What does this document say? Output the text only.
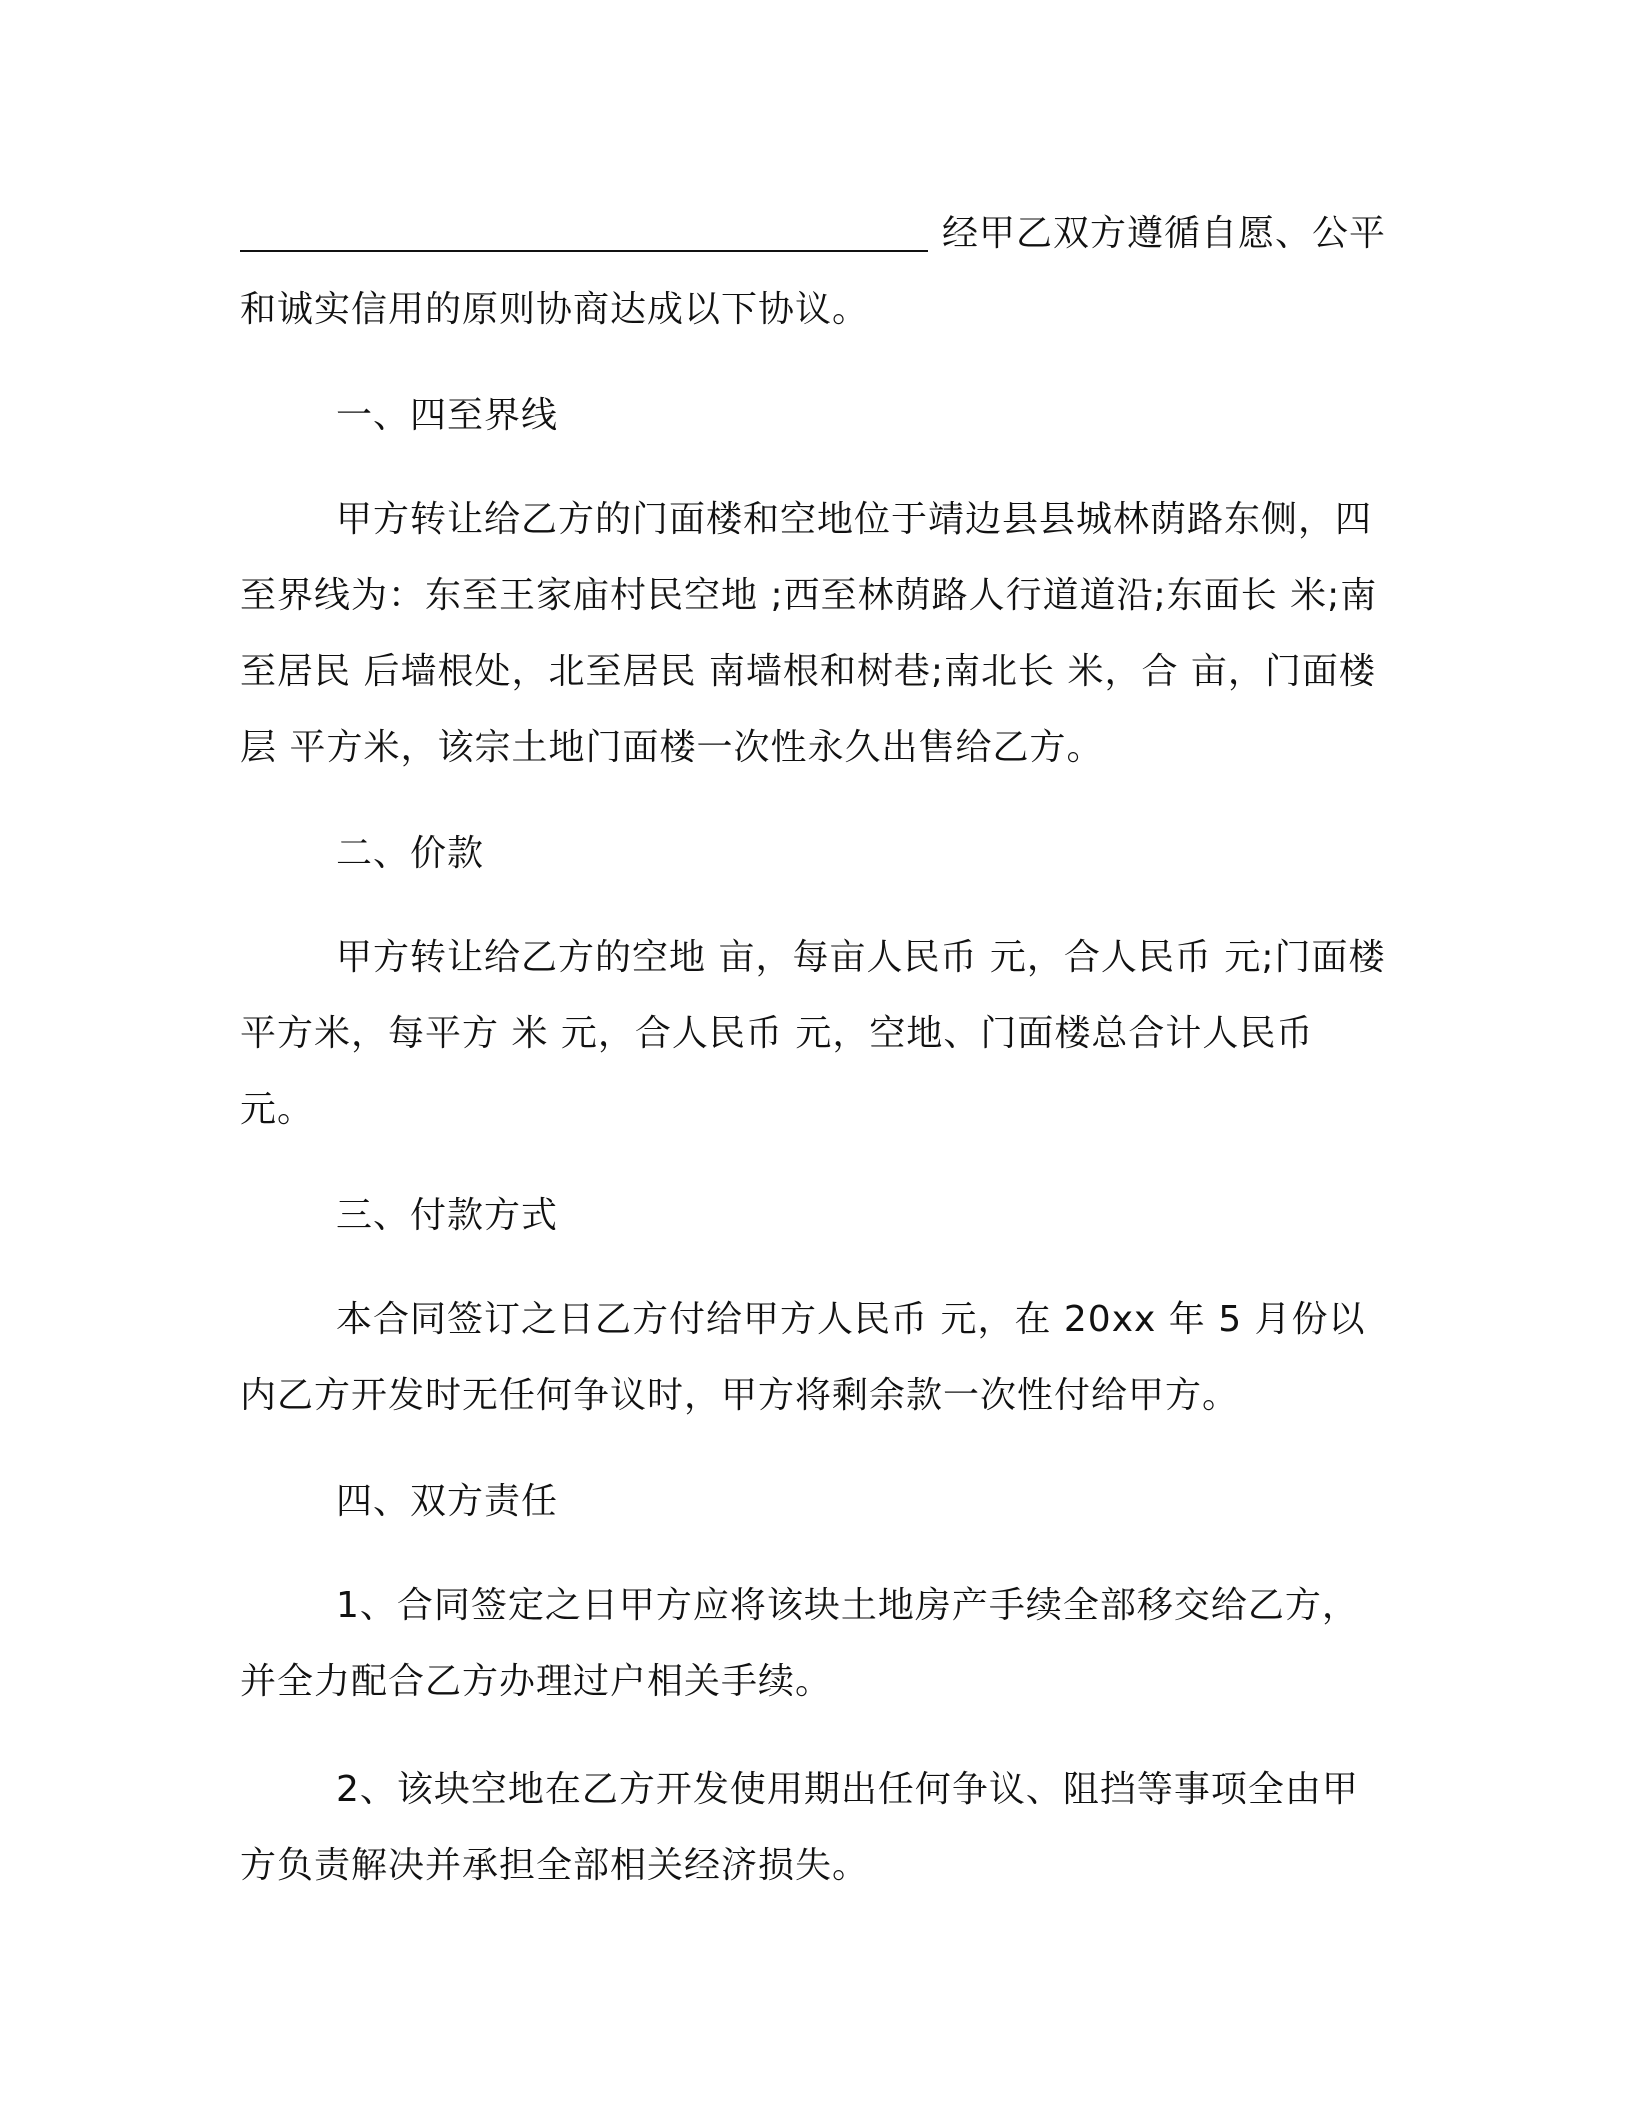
经甲乙双方遵循自愿、公平

和诚实信用的原则协商达成以下协议。

一、四至界线

甲方转让给乙方的门面楼和空地位于靖边县县城林荫路东侧，四至界线为：东至王家庙村民空地 ;西至林荫路人行道道沿;东面长 米;南至居民 后墙根处，北至居民 南墙根和树巷;南北长 米，合 亩，门面楼 层 平方米，该宗土地门面楼一次性永久出售给乙方。

二、价款

甲方转让给乙方的空地 亩，每亩人民币 元，合人民币 元;门面楼 平方米，每平方 米 元，合人民币 元，空地、门面楼总合计人民币 元。

三、付款方式

本合同签订之日乙方付给甲方人民币 元，在 20xx 年 5 月份以内乙方开发时无任何争议时，甲方将剩余款一次性付给甲方。

四、双方责任

1、合同签定之日甲方应将该块土地房产手续全部移交给乙方，并全力配合乙方办理过户相关手续。

2、该块空地在乙方开发使用期出任何争议、阻挡等事项全由甲方负责解决并承担全部相关经济损失。
